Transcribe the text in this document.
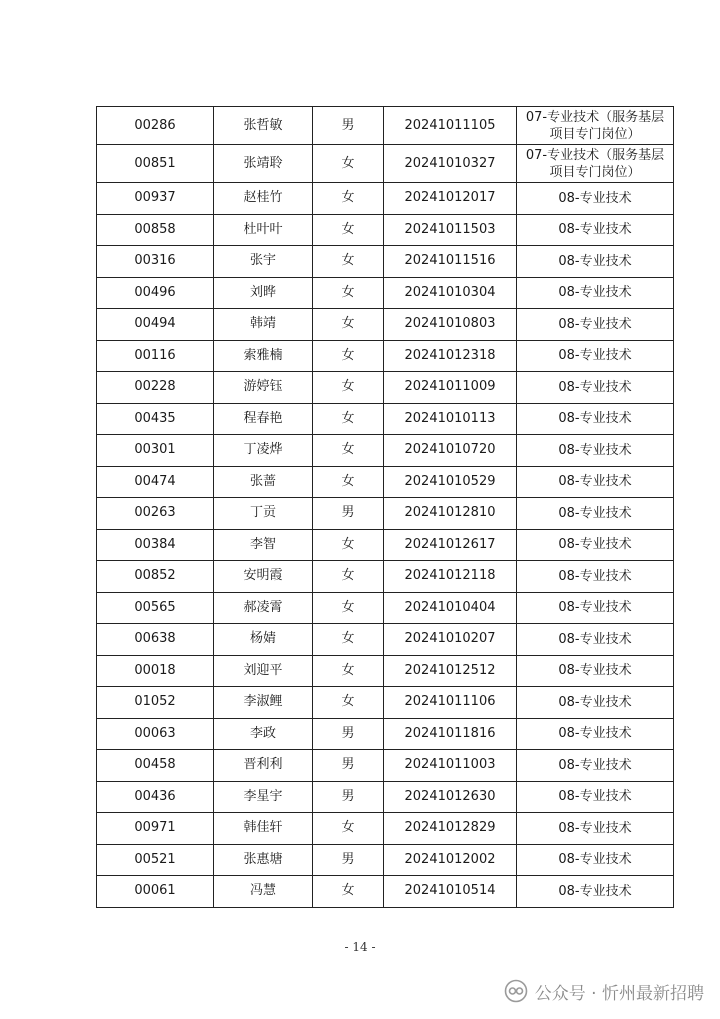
00286	张哲敏	男	20241011105	07-专业技术（服务基层项目专门岗位）

00851	张靖聆	女	20241010327	07-专业技术（服务基层项目专门岗位）

00937	赵桂竹	女	20241012017	08-专业技术

00858	杜叶叶	女	20241011503	08-专业技术

00316	张宇	女	20241011516	08-专业技术

00496	刘晔	女	20241010304	08-专业技术

00494	韩靖	女	20241010803	08-专业技术

00116	索雅楠	女	20241012318	08-专业技术

00228	游婷钰	女	20241011009	08-专业技术

00435	程春艳	女	20241010113	08-专业技术

00301	丁凌烨	女	20241010720	08-专业技术

00474	张蔷	女	20241010529	08-专业技术

00263	丁贡	男	20241012810	08-专业技术

00384	李智	女	20241012617	08-专业技术

00852	安明霞	女	20241012118	08-专业技术

00565	郝凌霄	女	20241010404	08-专业技术

00638	杨婧	女	20241010207	08-专业技术

00018	刘迎平	女	20241012512	08-专业技术

01052	李淑鲤	女	20241011106	08-专业技术

00063	李政	男	20241011816	08-专业技术

00458	晋利利	男	20241011003	08-专业技术

00436	李星宇	男	20241012630	08-专业技术

00971	韩佳轩	女	20241012829	08-专业技术

00521	张惠塘	男	20241012002	08-专业技术

00061	冯慧	女	20241010514	08-专业技术
- 14 -
公众号 · 忻州最新招聘
